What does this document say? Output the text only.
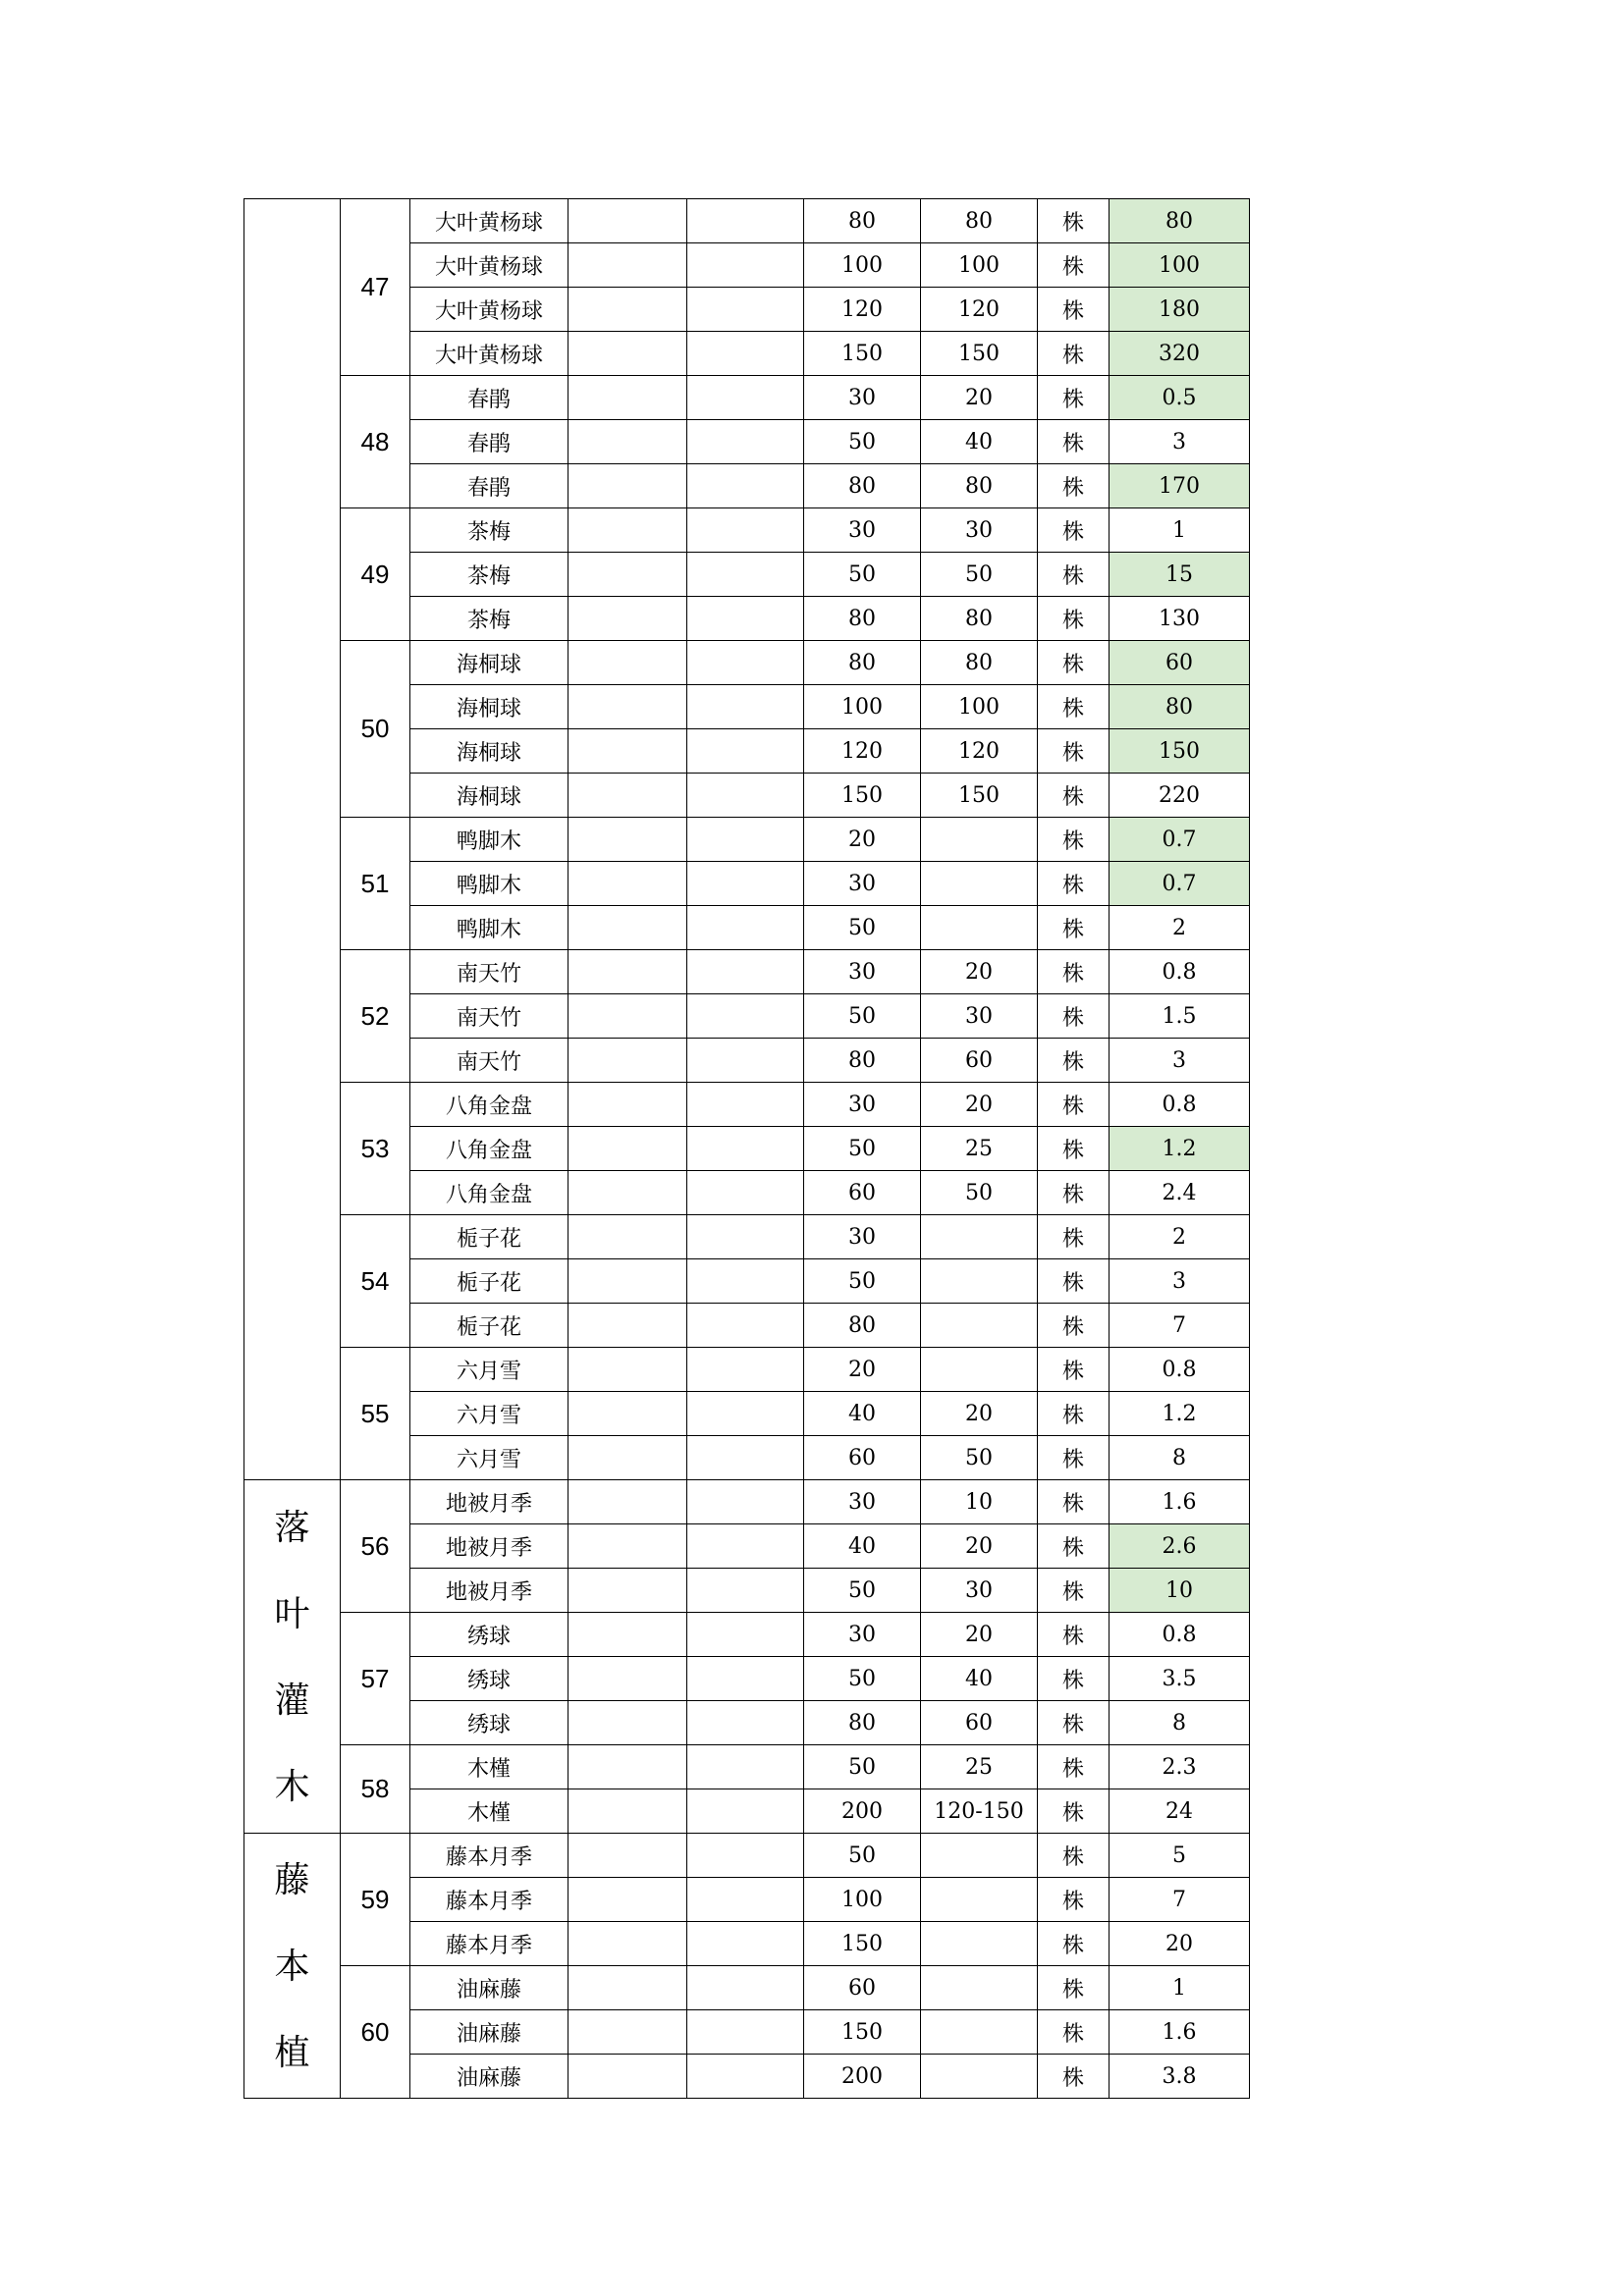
	47	大叶黄杨球			80	80	株	80
		大叶黄杨球			100	100	株	100
		大叶黄杨球			120	120	株	180
		大叶黄杨球			150	150	株	320
	48	春鹃			30	20	株	0.5
		春鹃			50	40	株	3
		春鹃			80	80	株	170
	49	茶梅			30	30	株	1
		茶梅			50	50	株	15
		茶梅			80	80	株	130
	50	海桐球			80	80	株	60
		海桐球			100	100	株	80
		海桐球			120	120	株	150
		海桐球			150	150	株	220
	51	鸭脚木			20		株	0.7
		鸭脚木			30		株	0.7
		鸭脚木			50		株	2
	52	南天竹			30	20	株	0.8
		南天竹			50	30	株	1.5
		南天竹			80	60	株	3
	53	八角金盘			30	20	株	0.8
		八角金盘			50	25	株	1.2
		八角金盘			60	50	株	2.4
	54	栀子花			30		株	2
		栀子花			50		株	3
		栀子花			80		株	7
	55	六月雪			20		株	0.8
		六月雪			40	20	株	1.2
		六月雪			60	50	株	8

落
叶
灌
木	56	地被月季			30	10	株	1.6
		地被月季			40	20	株	2.6
		地被月季			50	30	株	10
	57	绣球			30	20	株	0.8
		绣球			50	40	株	3.5
		绣球			80	60	株	8
	58	木槿			50	25	株	2.3
		木槿			200	120-150	株	24

藤
本
植	59	藤本月季			50		株	5
		藤本月季			100		株	7
		藤本月季			150		株	20
	60	油麻藤			60		株	1
		油麻藤			150		株	1.6
		油麻藤			200		株	3.8
